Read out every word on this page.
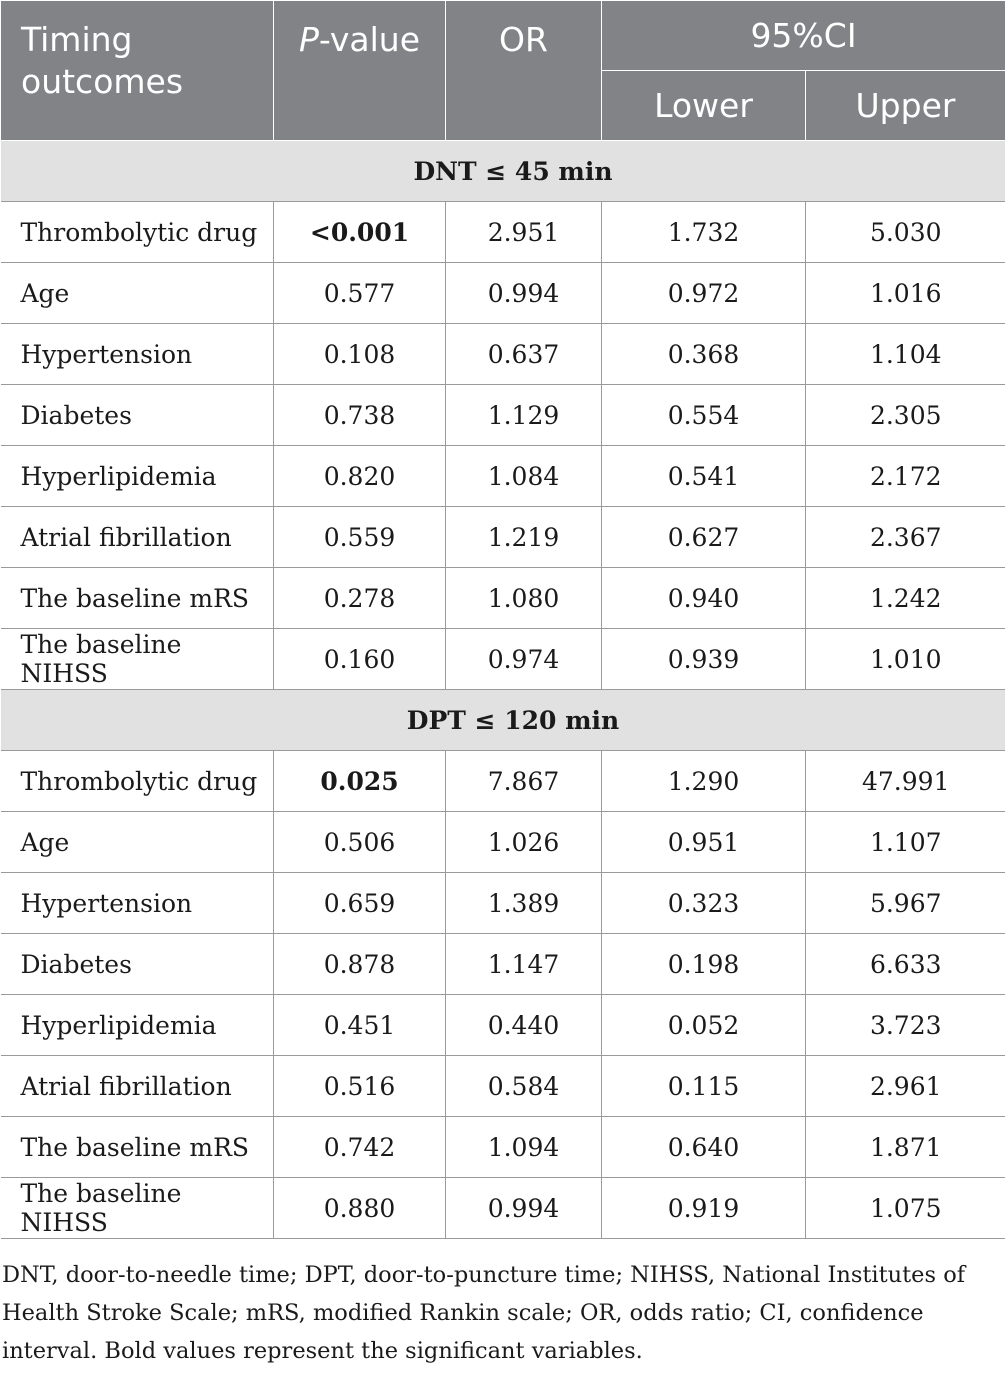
Timing outcomes	P-value	OR	95%CI	
			Lower	Upper
DNT ≤ 45 min				
Thrombolytic drug	<0.001	2.951	1.732	5.030
Age	0.577	0.994	0.972	1.016
Hypertension	0.108	0.637	0.368	1.104
Diabetes	0.738	1.129	0.554	2.305
Hyperlipidemia	0.820	1.084	0.541	2.172
Atrial fibrillation	0.559	1.219	0.627	2.367
The baseline mRS	0.278	1.080	0.940	1.242
The baseline NIHSS	0.160	0.974	0.939	1.010
DPT ≤ 120 min				
Thrombolytic drug	0.025	7.867	1.290	47.991
Age	0.506	1.026	0.951	1.107
Hypertension	0.659	1.389	0.323	5.967
Diabetes	0.878	1.147	0.198	6.633
Hyperlipidemia	0.451	0.440	0.052	3.723
Atrial fibrillation	0.516	0.584	0.115	2.961
The baseline mRS	0.742	1.094	0.640	1.871
The baseline NIHSS	0.880	0.994	0.919	1.075
DNT, door-to-needle time; DPT, door-to-puncture time; NIHSS, National Institutes of Health Stroke Scale; mRS, modified Rankin scale; OR, odds ratio; CI, confidence interval. Bold values represent the significant variables.
